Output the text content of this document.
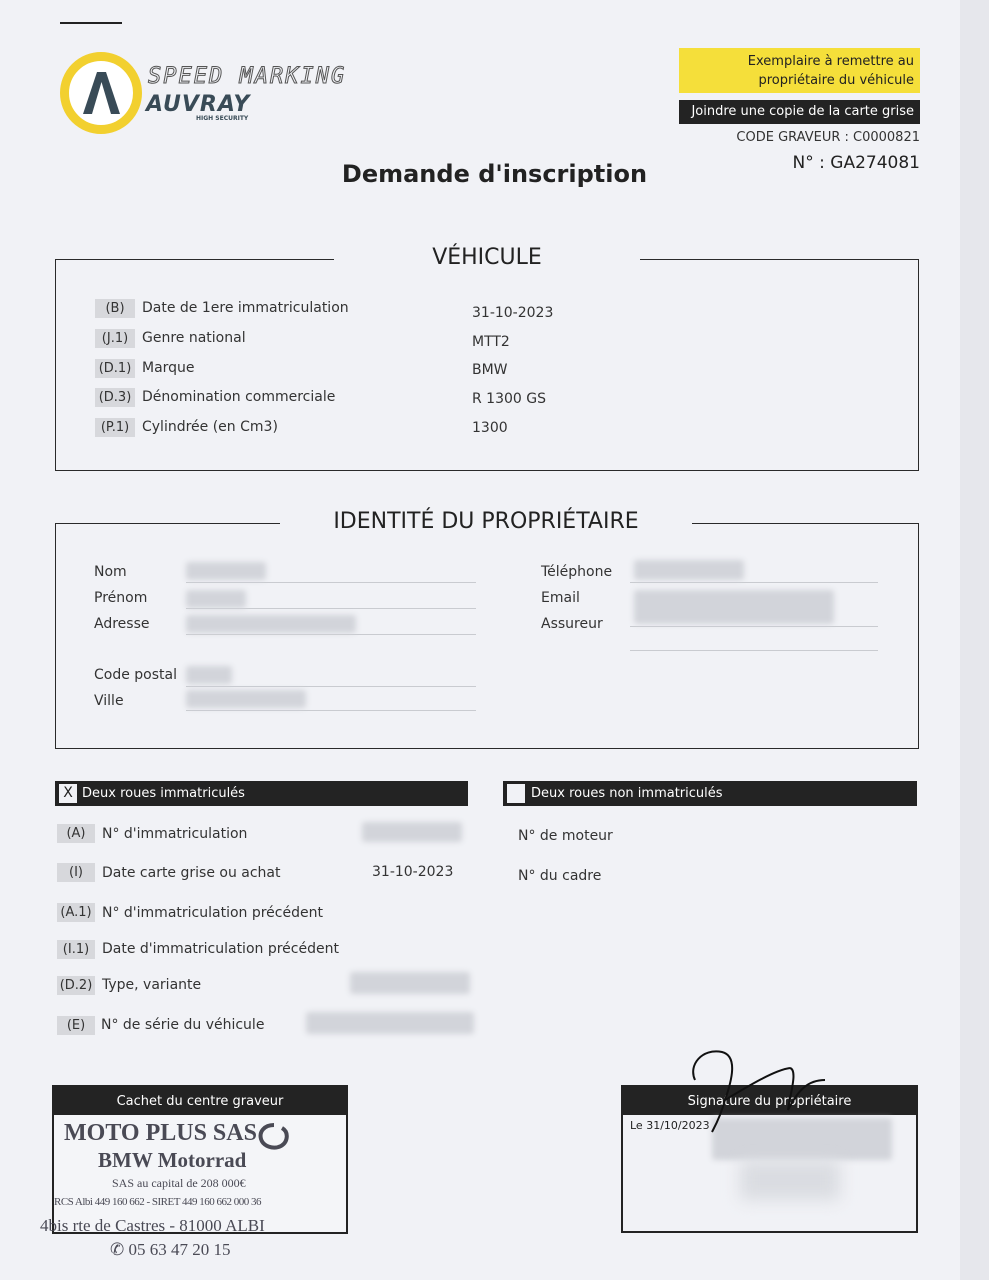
SPEED MARKING
AUVRAY
HIGH SECURITY
Exemplaire à remettre au
propriétaire du véhicule
Joindre une copie de la carte grise
CODE GRAVEUR : C0000821
N° : GA274081
Demande d'inscription
VÉHICULE
(B)	Date de 1ere immatriculation	31-10-2023
(J.1) Genre national	MTT2
(D.1) Marque	BMW
(D.3) Dénomination commerciale	R 1300 GS
(P.1) Cylindrée (en Cm3)	1300
IDENTITÉ DU PROPRIÉTAIRE
Nom
Prénom
Adresse
Code postal
Ville
Téléphone
Email
Assureur
Deux roues immatriculés
X
(A)	N° d'immatriculation
(I)	Date carte grise ou achat	31-10-2023
(A.1) N° d'immatriculation précédent
(I.1) Date d'immatriculation précédent
(D.2) Type, variante
(E)	N° de série du véhicule
Deux roues non immatriculés
N° de moteur
N° du cadre
Cachet du centre graveur
MOTO PLUS SAS
BMW Motorrad
SAS au capital de 208 000€
RCS Albi 449 160 662 - SIRET 449 160 662 000 36
4bis rte de Castres - 81000 ALBI
✆ 05 63 47 20 15
Signature du propriétaire
Le 31/10/2023
